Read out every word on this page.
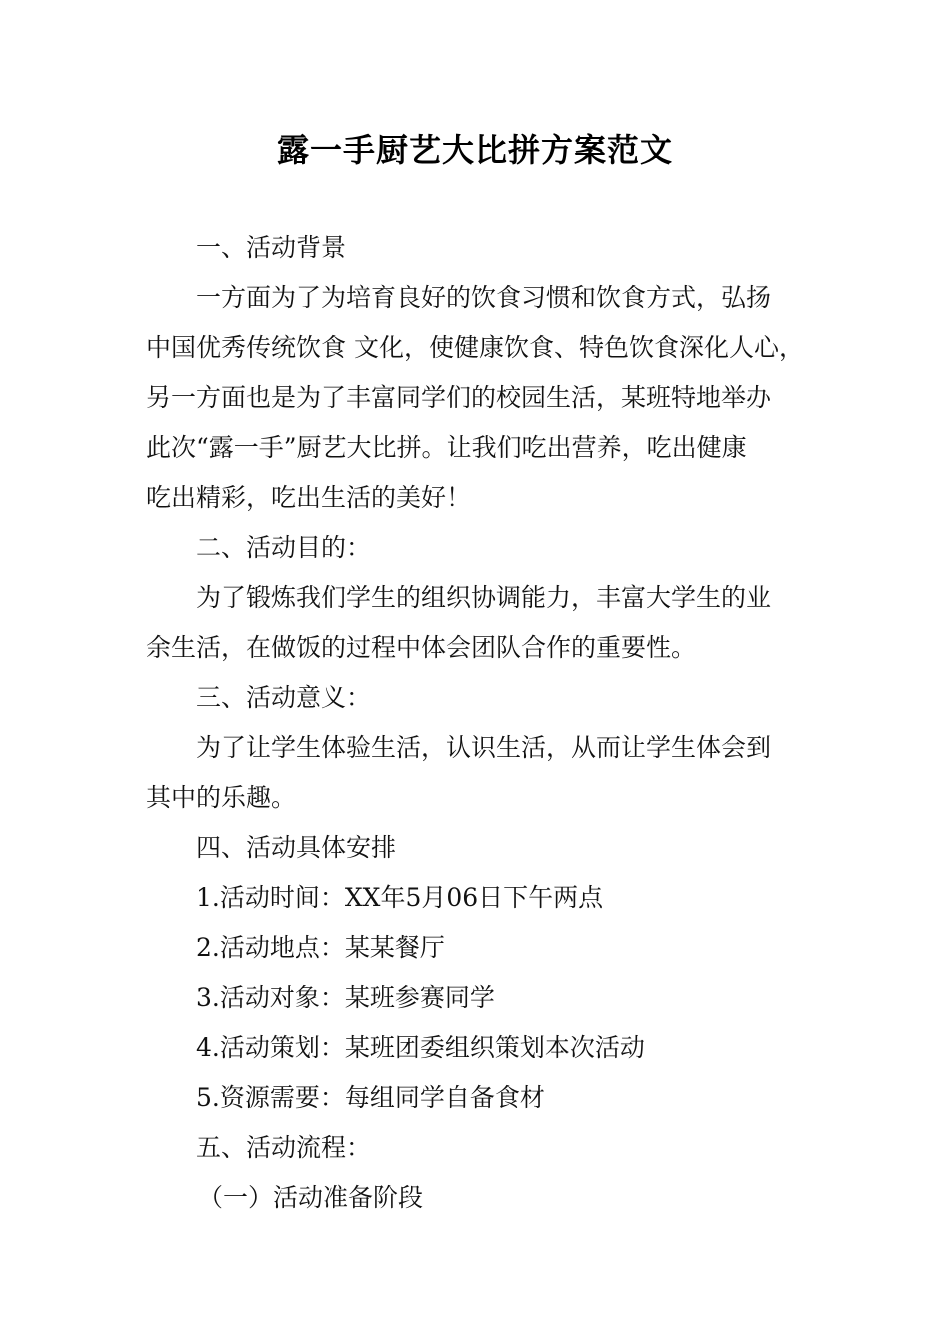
露一手厨艺大比拼方案范文
一、活动背景
一方面为了为培育良好的饮食习惯和饮食方式，弘扬
中国优秀传统饮食 文化，使健康饮食、特色饮食深化人心，
另一方面也是为了丰富同学们的校园生活，某班特地举办
此次“露一手”厨艺大比拼。让我们吃出营养，吃出健康
吃出精彩，吃出生活的美好！
二、活动目的：
为了锻炼我们学生的组织协调能力，丰富大学生的业
余生活，在做饭的过程中体会团队合作的重要性。
三、活动意义：
为了让学生体验生活，认识生活，从而让学生体会到
其中的乐趣。
四、活动具体安排
1.活动时间：XX年5月06日下午两点
2.活动地点：某某餐厅
3.活动对象：某班参赛同学
4.活动策划：某班团委组织策划本次活动
5.资源需要：每组同学自备食材
五、活动流程：
（一）活动准备阶段
